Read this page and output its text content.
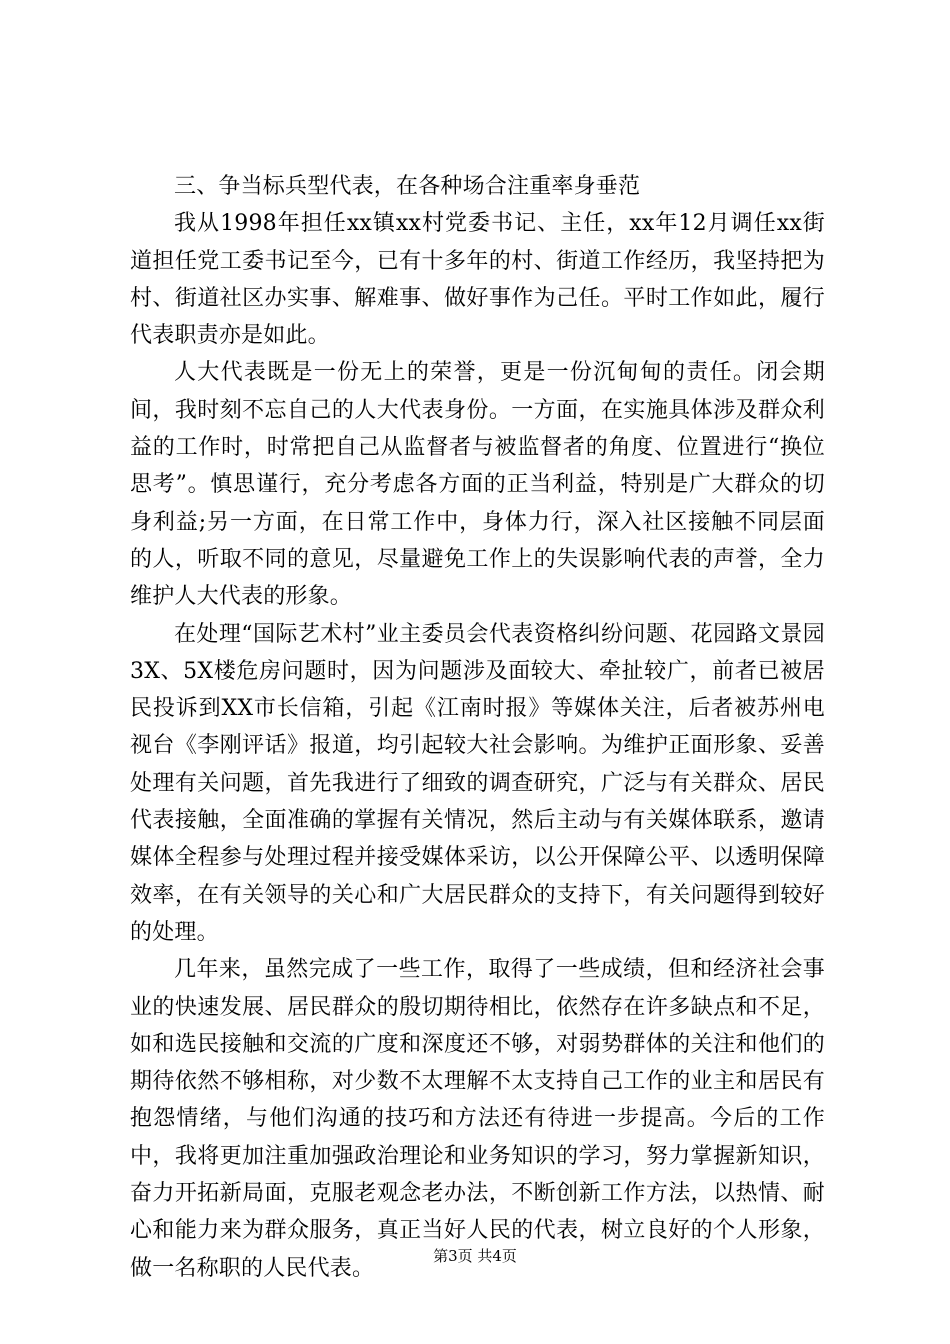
三、争当标兵型代表，在各种场合注重率身垂范

我从1998年担任xx镇xx村党委书记、主任，xx年12月调任xx街道担任党工委书记至今，已有十多年的村、街道工作经历，我坚持把为村、街道社区办实事、解难事、做好事作为己任。平时工作如此，履行代表职责亦是如此。

人大代表既是一份无上的荣誉，更是一份沉甸甸的责任。闭会期间，我时刻不忘自己的人大代表身份。一方面，在实施具体涉及群众利益的工作时，时常把自己从监督者与被监督者的角度、位置进行“换位思考”。慎思谨行，充分考虑各方面的正当利益，特别是广大群众的切身利益;另一方面，在日常工作中，身体力行，深入社区接触不同层面的人，听取不同的意见，尽量避免工作上的失误影响代表的声誉，全力维护人大代表的形象。

在处理“国际艺术村”业主委员会代表资格纠纷问题、花园路文景园3X、5X楼危房问题时，因为问题涉及面较大、牵扯较广，前者已被居民投诉到XX市长信箱，引起《江南时报》等媒体关注，后者被苏州电视台《李刚评话》报道，均引起较大社会影响。为维护正面形象、妥善处理有关问题，首先我进行了细致的调查研究，广泛与有关群众、居民代表接触，全面准确的掌握有关情况，然后主动与有关媒体联系，邀请媒体全程参与处理过程并接受媒体采访，以公开保障公平、以透明保障效率，在有关领导的关心和广大居民群众的支持下，有关问题得到较好的处理。

几年来，虽然完成了一些工作，取得了一些成绩，但和经济社会事业的快速发展、居民群众的殷切期待相比，依然存在许多缺点和不足，如和选民接触和交流的广度和深度还不够，对弱势群体的关注和他们的期待依然不够相称，对少数不太理解不太支持自己工作的业主和居民有抱怨情绪，与他们沟通的技巧和方法还有待进一步提高。今后的工作中，我将更加注重加强政治理论和业务知识的学习，努力掌握新知识，奋力开拓新局面，克服老观念老办法，不断创新工作方法，以热情、耐心和能力来为群众服务，真正当好人民的代表，树立良好的个人形象，做一名称职的人民代表。	第3页 共4页
